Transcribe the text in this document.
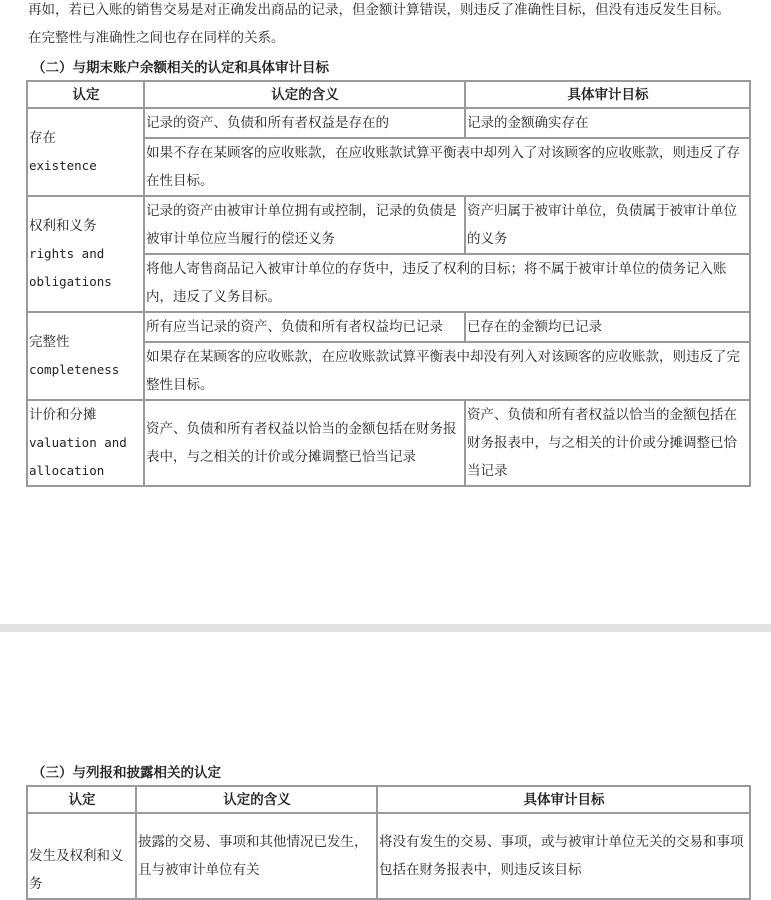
再如，若已入账的销售交易是对正确发出商品的记录，但金额计算错误，则违反了准确性目标，但没有违反发生目标。
在完整性与准确性之间也存在同样的关系。
（二）与期末账户余额相关的认定和具体审计目标
认定	认定的含义	具体审计目标

存在
existence	记录的资产、负债和所有者权益是存在的	记录的金额确实存在
	如果不存在某顾客的应收账款，在应收账款试算平衡表中却列入了对该顾客的应收账款，则违反了存在性目标。	

权利和义务
rights and
obligations	记录的资产由被审计单位拥有或控制，记录的负债是被审计单位应当履行的偿还义务	资产归属于被审计单位，负债属于被审计单位的义务
	将他人寄售商品记入被审计单位的存货中，违反了权利的目标；将不属于被审计单位的债务记入账内，违反了义务目标。	

完整性
completeness	所有应当记录的资产、负债和所有者权益均已记录	已存在的金额均已记录
	如果存在某顾客的应收账款，在应收账款试算平衡表中却没有列入对该顾客的应收账款，则违反了完整性目标。	

计价和分摊
valuation and
allocation	资产、负债和所有者权益以恰当的金额包括在财务报表中，与之相关的计价或分摊调整已恰当记录	资产、负债和所有者权益以恰当的金额包括在财务报表中，与之相关的计价或分摊调整已恰当记录
（三）与列报和披露相关的认定
认定	认定的含义	具体审计目标
发生及权利和义务	披露的交易、事项和其他情况已发生，且与被审计单位有关	将没有发生的交易、事项，或与被审计单位无关的交易和事项包括在财务报表中，则违反该目标
